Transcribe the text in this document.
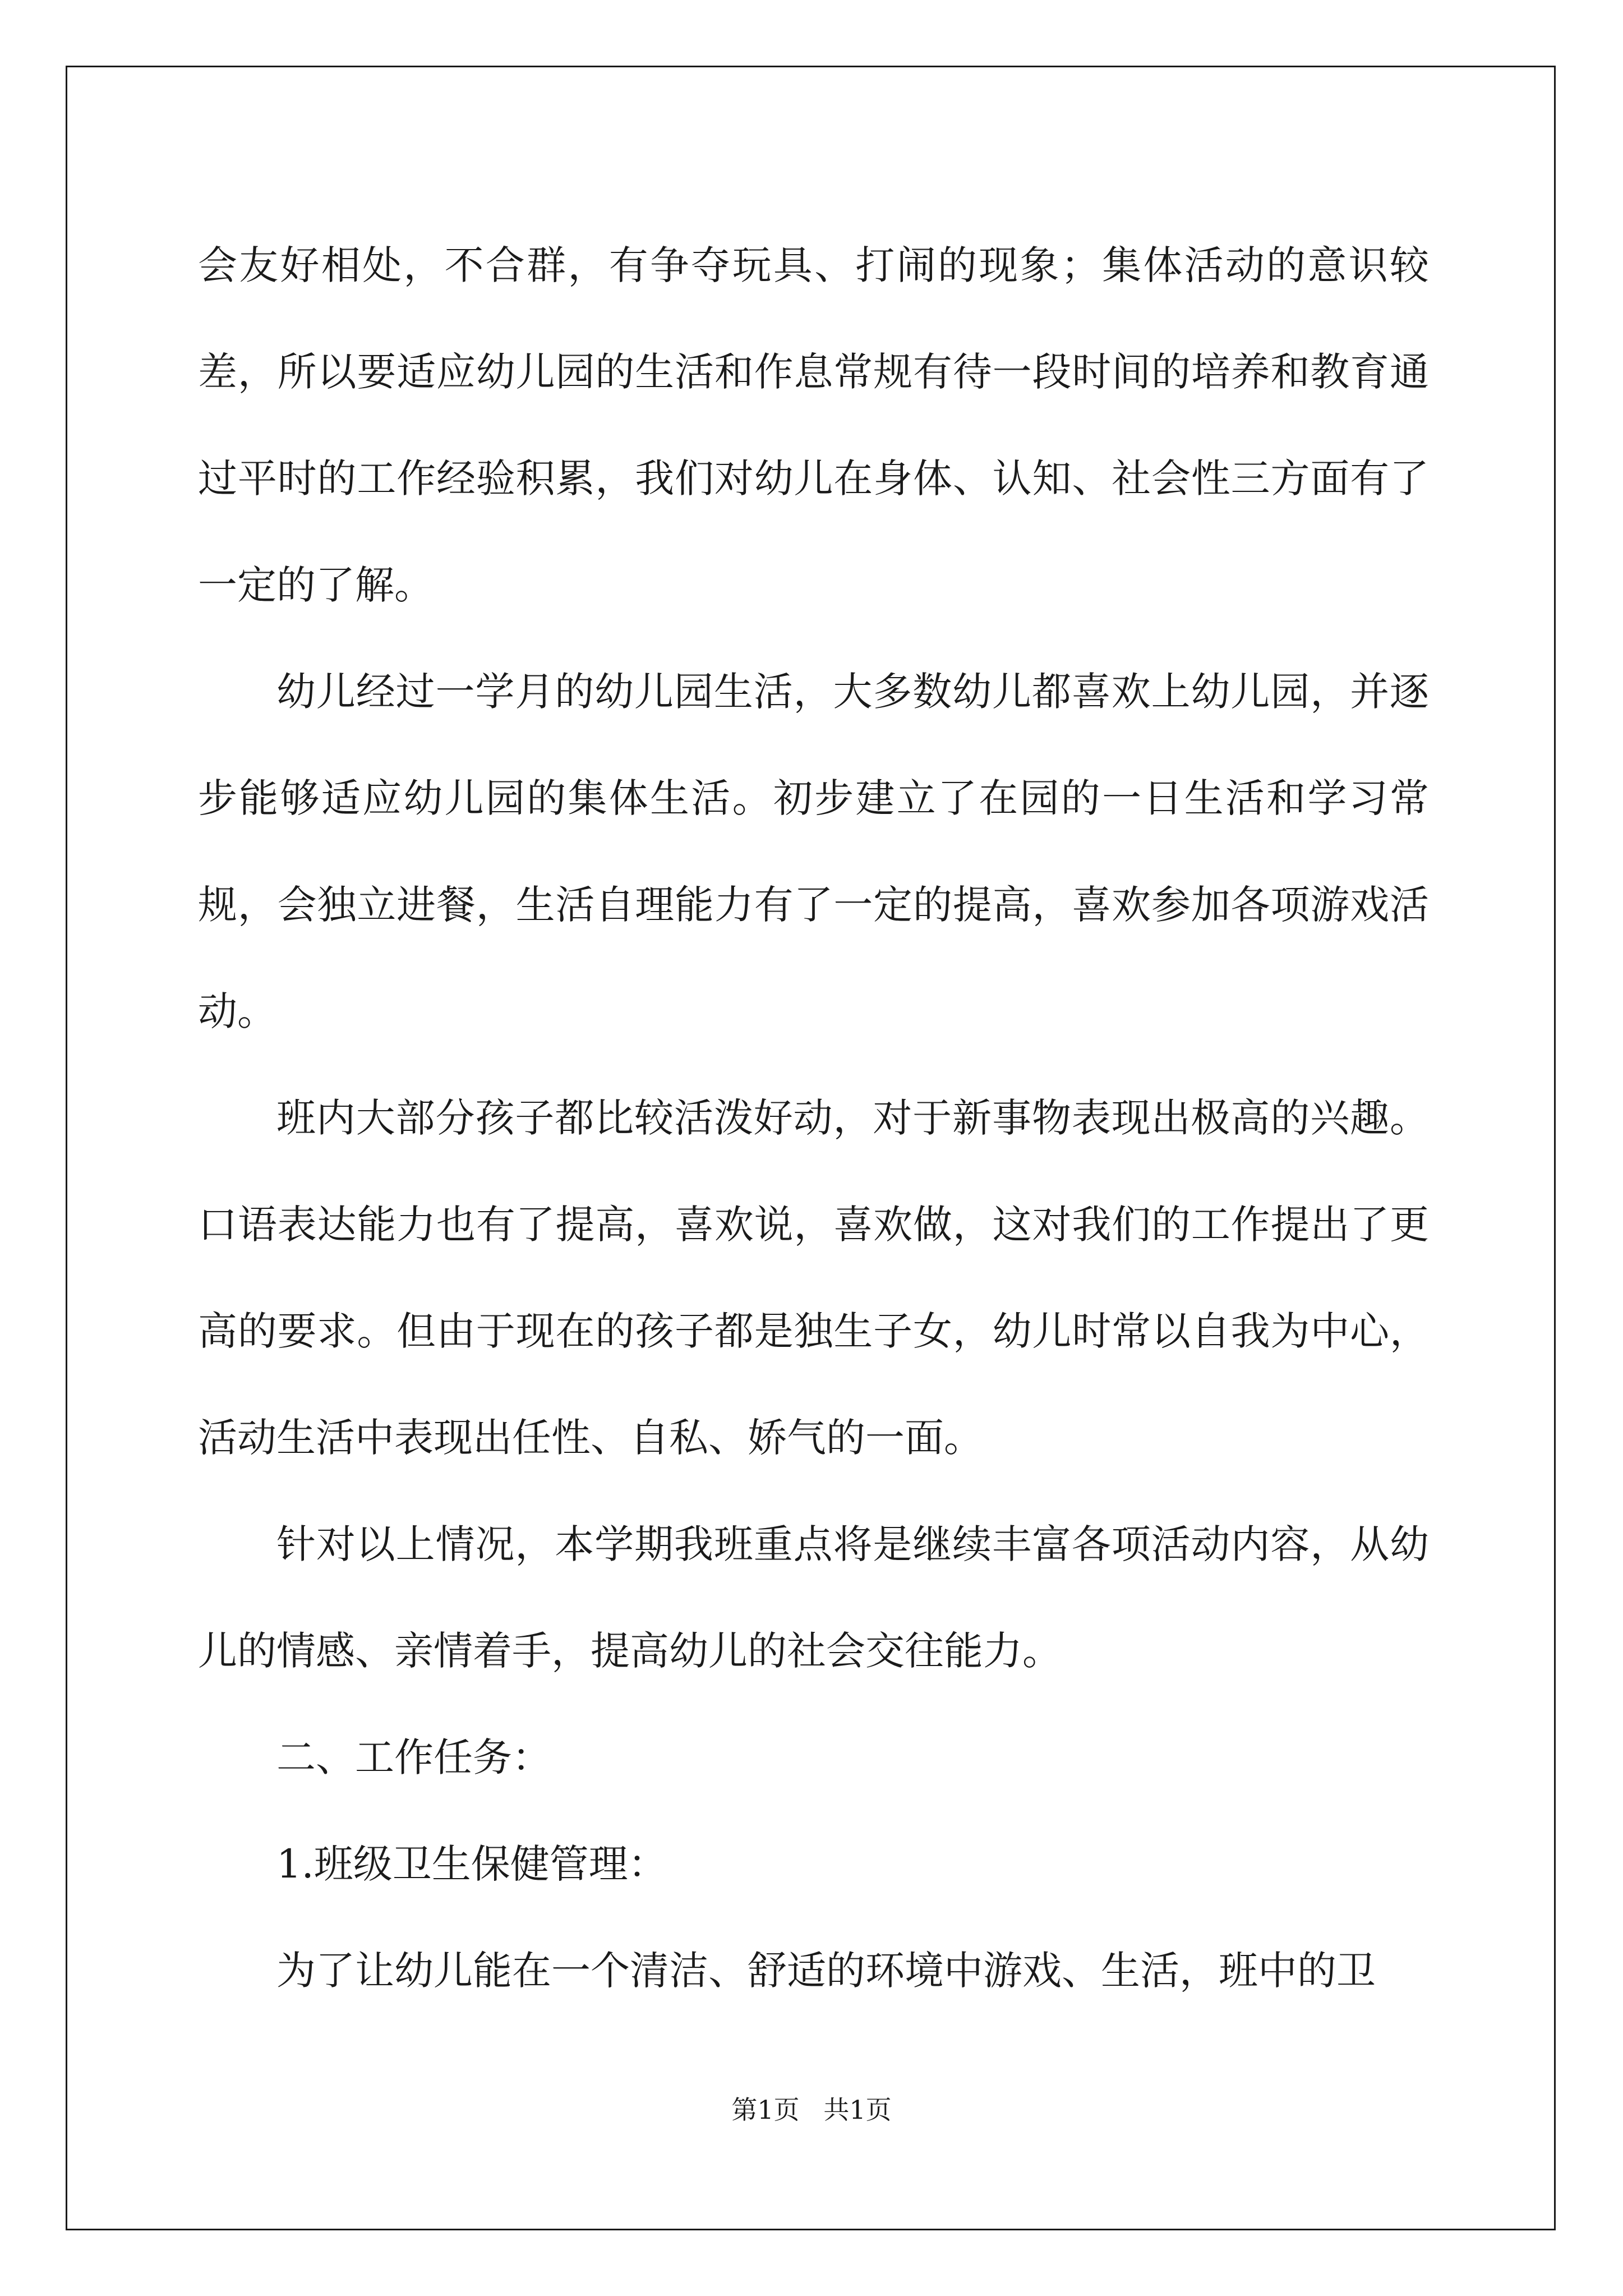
会友好相处，不合群，有争夺玩具、打闹的现象；集体活动的意识较差，所以要适应幼儿园的生活和作息常规有待一段时间的培养和教育通过平时的工作经验积累，我们对幼儿在身体、认知、社会性三方面有了一定的了解。

幼儿经过一学月的幼儿园生活，大多数幼儿都喜欢上幼儿园，并逐步能够适应幼儿园的集体生活。初步建立了在园的一日生活和学习常规，会独立进餐，生活自理能力有了一定的提高，喜欢参加各项游戏活动。

班内大部分孩子都比较活泼好动，对于新事物表现出极高的兴趣。口语表达能力也有了提高，喜欢说，喜欢做，这对我们的工作提出了更高的要求。但由于现在的孩子都是独生子女，幼儿时常以自我为中心，活动生活中表现出任性、自私、娇气的一面。

针对以上情况，本学期我班重点将是继续丰富各项活动内容，从幼儿的情感、亲情着手，提高幼儿的社会交往能力。

二、工作任务：

1.班级卫生保健管理：

为了让幼儿能在一个清洁、舒适的环境中游戏、生活，班中的卫

第1页 共1页
